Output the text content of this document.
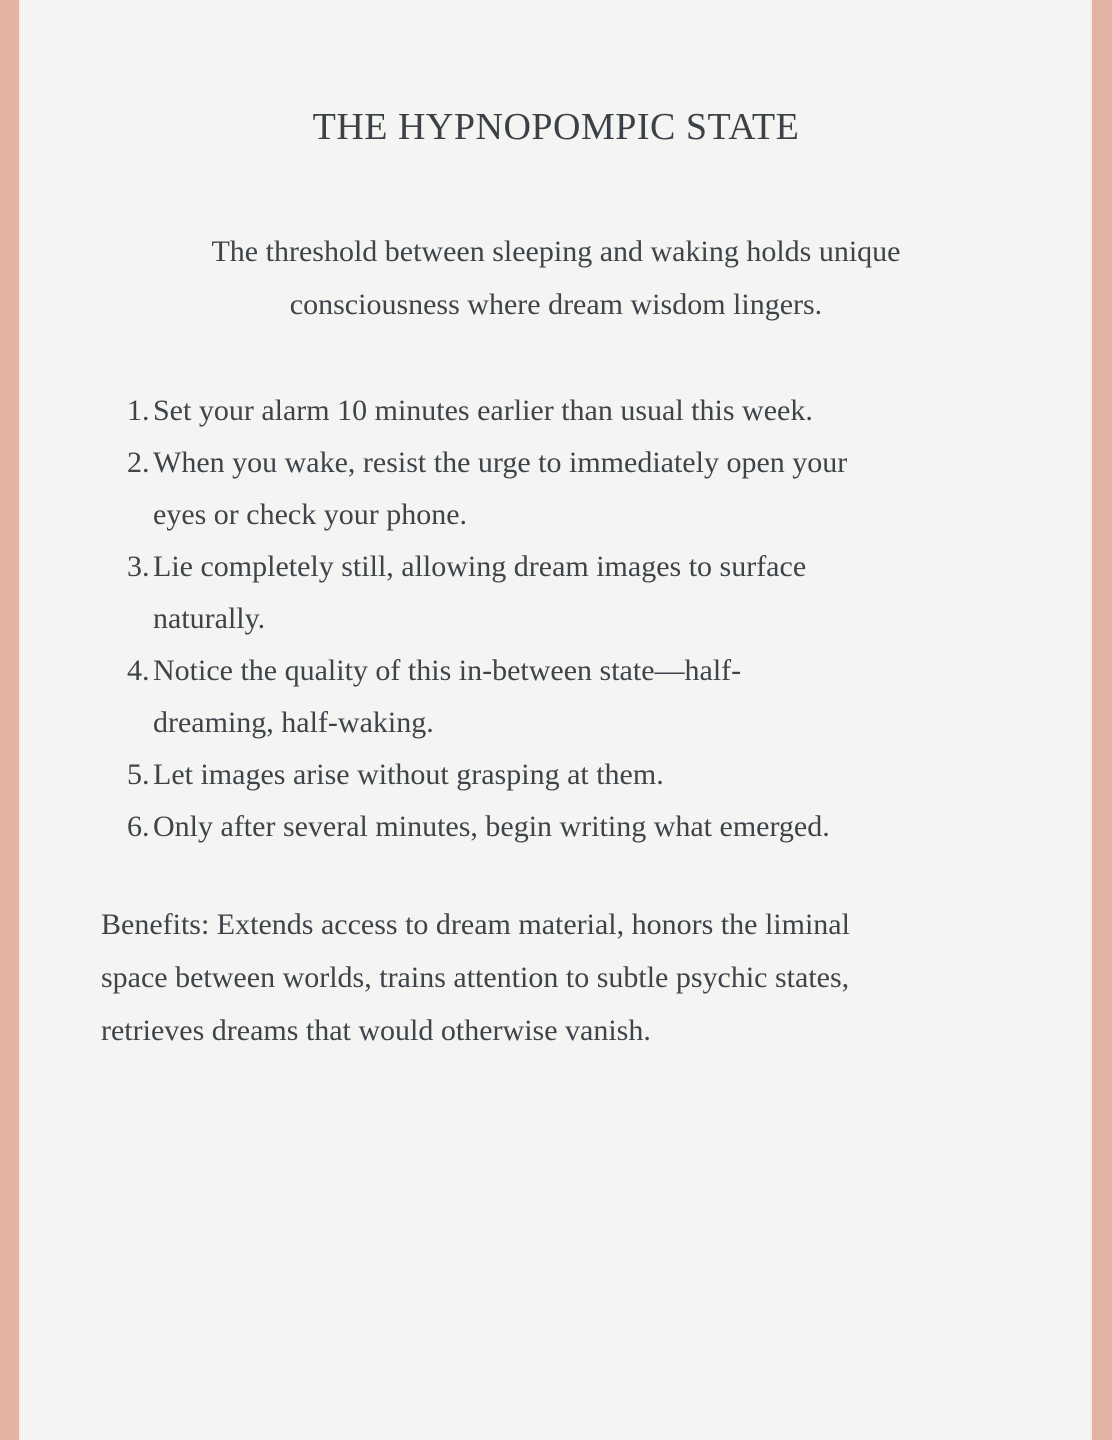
THE HYPNOPOMPIC STATE

The threshold between sleeping and waking holds unique
consciousness where dream wisdom lingers.

1. Set your alarm 10 minutes earlier than usual this week.
2. When you wake, resist the urge to immediately open your
eyes or check your phone.
3. Lie completely still, allowing dream images to surface
naturally.
4. Notice the quality of this in-between state—half-
dreaming, half-waking.
5. Let images arise without grasping at them.
6. Only after several minutes, begin writing what emerged.

Benefits: Extends access to dream material, honors the liminal
space between worlds, trains attention to subtle psychic states,
retrieves dreams that would otherwise vanish.
